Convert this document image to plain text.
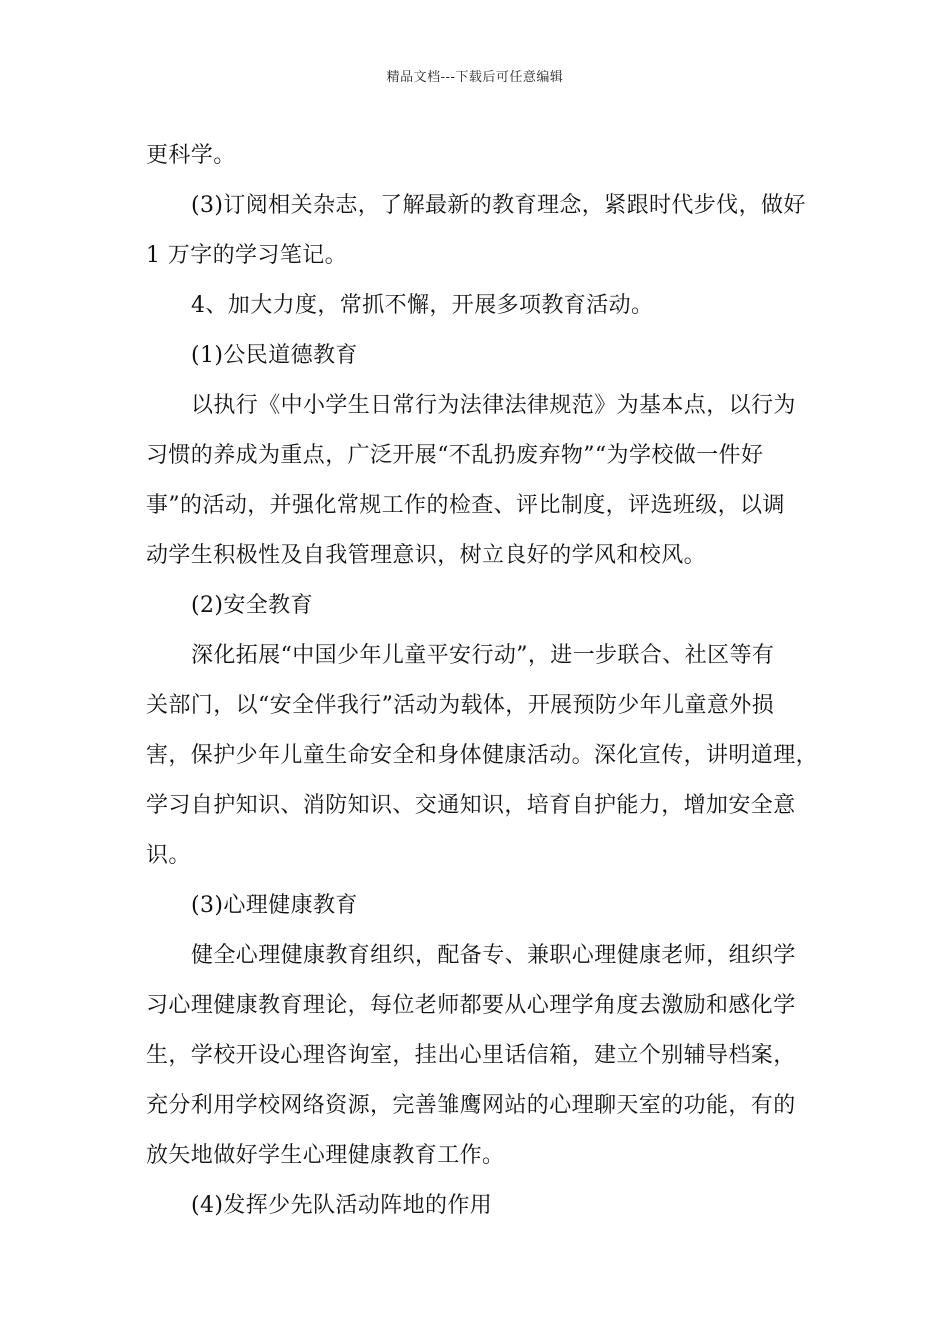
精品文档---下载后可任意编辑
更科学。
(3)订阅相关杂志，了解最新的教育理念，紧跟时代步伐，做好
1 万字的学习笔记。
4、加大力度，常抓不懈，开展多项教育活动。
(1)公民道德教育
以执行《中小学生日常行为法律法律规范》为基本点，以行为
习惯的养成为重点，广泛开展“不乱扔废弃物”“为学校做一件好
事”的活动，并强化常规工作的检查、评比制度，评选班级，以调
动学生积极性及自我管理意识，树立良好的学风和校风。
(2)安全教育
深化拓展“中国少年儿童平安行动”，进一步联合、社区等有
关部门，以“安全伴我行”活动为载体，开展预防少年儿童意外损
害，保护少年儿童生命安全和身体健康活动。深化宣传，讲明道理，
学习自护知识、消防知识、交通知识，培育自护能力，增加安全意
识。
(3)心理健康教育
健全心理健康教育组织，配备专、兼职心理健康老师，组织学
习心理健康教育理论，每位老师都要从心理学角度去激励和感化学
生，学校开设心理咨询室，挂出心里话信箱，建立个别辅导档案，
充分利用学校网络资源，完善雏鹰网站的心理聊天室的功能，有的
放矢地做好学生心理健康教育工作。
(4)发挥少先队活动阵地的作用
